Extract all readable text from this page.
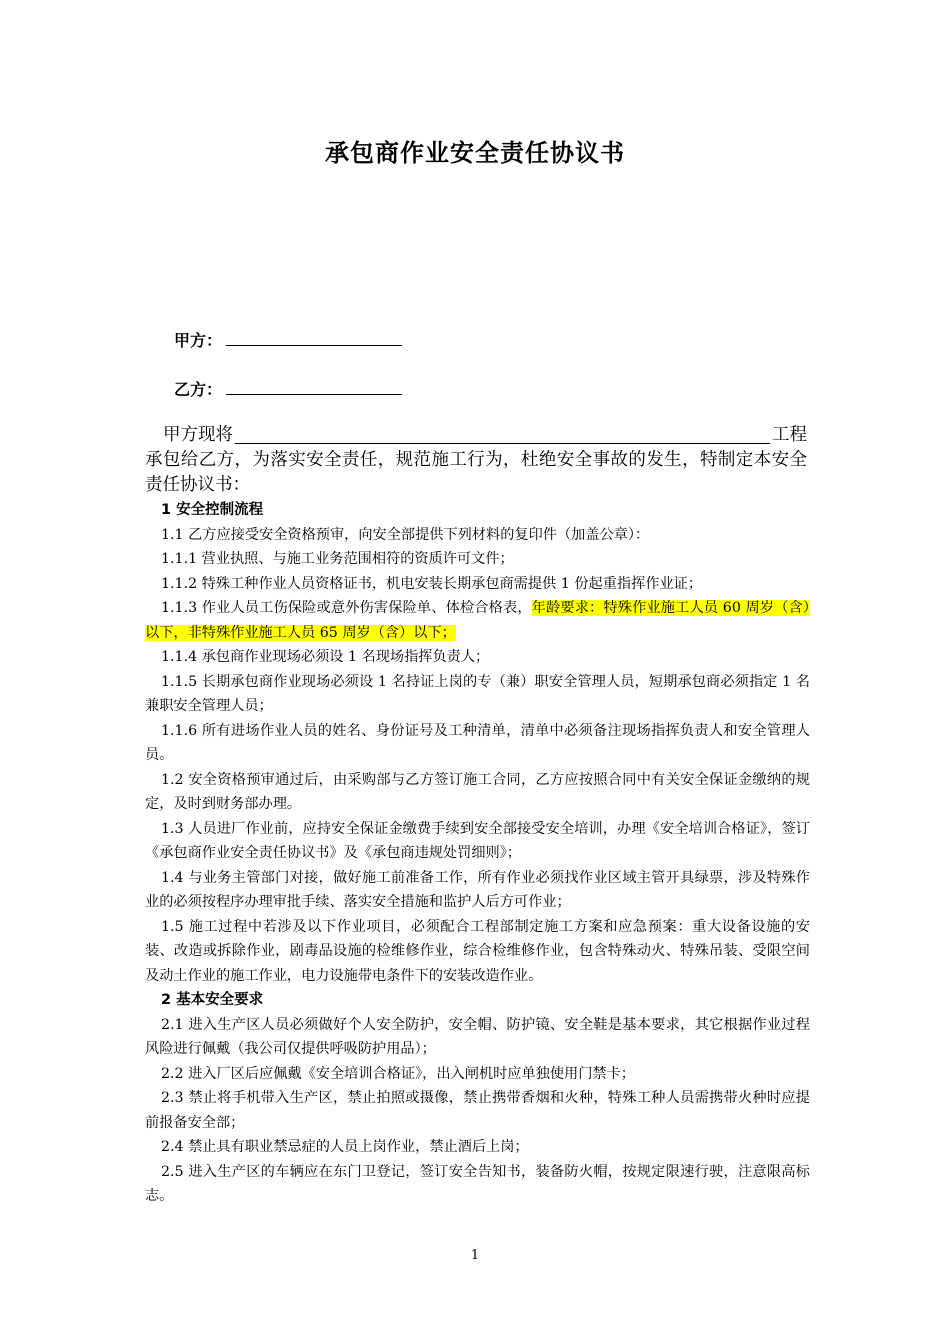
承包商作业安全责任协议书
甲方：
乙方：
甲方现将	工程
承包给乙方，为落实安全责任，规范施工行为，杜绝安全事故的发生，特制定本安全责任协议书：

1 安全控制流程

1.1 乙方应接受安全资格预审，向安全部提供下列材料的复印件（加盖公章）：

1.1.1 营业执照、与施工业务范围相符的资质许可文件；

1.1.2 特殊工种作业人员资格证书，机电安装长期承包商需提供 1 份起重指挥作业证；

1.1.3 作业人员工伤保险或意外伤害保险单、体检合格表，年龄要求：特殊作业施工人员 60 周岁（含）以下，非特殊作业施工人员 65 周岁（含）以下；

1.1.4 承包商作业现场必须设 1 名现场指挥负责人；

1.1.5 长期承包商作业现场必须设 1 名持证上岗的专（兼）职安全管理人员，短期承包商必须指定 1 名兼职安全管理人员；

1.1.6 所有进场作业人员的姓名、身份证号及工种清单，清单中必须备注现场指挥负责人和安全管理人员。

1.2 安全资格预审通过后，由采购部与乙方签订施工合同，乙方应按照合同中有关安全保证金缴纳的规定，及时到财务部办理。

1.3 人员进厂作业前，应持安全保证金缴费手续到安全部接受安全培训，办理《安全培训合格证》，签订《承包商作业安全责任协议书》及《承包商违规处罚细则》；

1.4 与业务主管部门对接，做好施工前准备工作，所有作业必须找作业区域主管开具绿票，涉及特殊作业的必须按程序办理审批手续、落实安全措施和监护人后方可作业；

1.5 施工过程中若涉及以下作业项目，必须配合工程部制定施工方案和应急预案：重大设备设施的安装、改造或拆除作业，剧毒品设施的检维修作业，综合检维修作业，包含特殊动火、特殊吊装、受限空间及动土作业的施工作业，电力设施带电条件下的安装改造作业。

2 基本安全要求

2.1 进入生产区人员必须做好个人安全防护，安全帽、防护镜、安全鞋是基本要求，其它根据作业过程风险进行佩戴（我公司仅提供呼吸防护用品）；

2.2 进入厂区后应佩戴《安全培训合格证》，出入闸机时应单独使用门禁卡；

2.3 禁止将手机带入生产区，禁止拍照或摄像，禁止携带香烟和火种，特殊工种人员需携带火种时应提前报备安全部；

2.4 禁止具有职业禁忌症的人员上岗作业，禁止酒后上岗；

2.5 进入生产区的车辆应在东门卫登记，签订安全告知书，装备防火帽，按规定限速行驶，注意限高标志。

1
